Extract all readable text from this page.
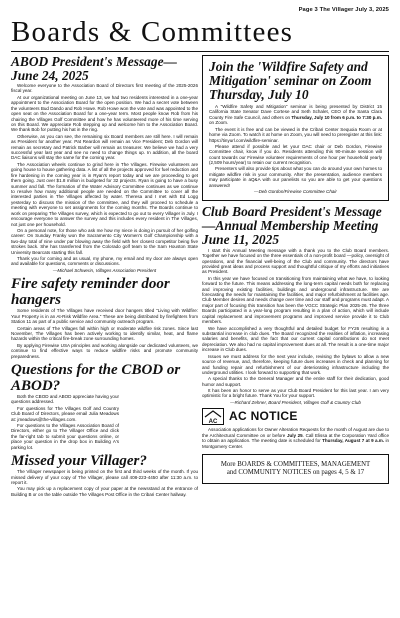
Page 3 The Villager July 3, 2025
Boards & Committees
ABOD President's Message—June 24, 2025

Welcome everyone to the Association Board of Directors first meeting of the 2025-2026 fiscal year.

At our organizational meeting on June 13, we had two residents interested in a one-year appointment to the Association Board for the open position. We had a secret vote between the volunteers Bud Dando and Rob Howe. Rob Howe won the vote and was appointed to the open seat on the Association Board for a one-year term. Most people know Rob from his chairing the Villages Golf Committee and how he has volunteered more of his time serving on this Board. We appreciate Rob stepping up and welcome him to the Association Board. We thank Bob for putting his hat in the ring.

Otherwise, as you can see, the remaining six Board members are still here. I will remain as President for another year. Pat Reardon will remain as Vice President; Deb Gordon will remain as secretary and Patrick Barber will remain as treasurer. We believe we had a very successful year last year and see no need to change things up. In addition, all the board DAC liaisons will stay the same for the coming year.

The Association wheels continue to grind here in The Villages. Firewise volunteers are going house to house gathering data. A list of all the projects approved for fuel reduction and fire hardening in the coming year is in Ryan's report today and we are proceeding to get them going. Just over $1.8 million is budgeted for 32 projects. Ryan is going to have a busy summer and fall. The formation of the Water Advisory Committee continues as we continue to resolve how many additional people are needed on the Committee to cover all the interested parties in The Villages affected by water. Theresa and I met with Ed Logg yesterday to discuss the mission of the committee, and they will proceed to schedule a meeting with everyone to set assignments for the coming months. The Boards continue to work on preparing The Villages survey, which is expected to go out to every Villager in July. I encourage everyone to answer the survey and this includes every resident in The Villages, not just one per household.

On a personal note, for those who ask me how my niece is doing in pursuit of her golfing career: On Sunday Franky won the Sacramento City Women's Golf Championship with a two-day total of nine under par blowing away the field with her closest competitor being five strokes back. She has transferred from the Colorado golf team to the Sam Houston State University Bearcats starting this fall.

Thank you for coming and as usual, my phone, my email and my door are always open and available for questions, comments or discussions.

—Michael Schwerin, Villages Association President
Fire safety reminder door hangers

Some residents of The Villages have received door hangers titled "Living with Wildfire: Your Property is in an At-Risk Wildfire Area." These are being distributed by firefighters from Station 11 as part of a public service and community outreach program.

Certain areas of The Villages fall within high or moderate wildfire risk zones. Since last November, The Villages has been actively working to identify similar, heat, and flame hazards within the critical fire-break zone surrounding homes.

By applying Firewise USA principles and working alongside our dedicated volunteers, we continue to find effective ways to reduce wildfire risks and promote community preparedness.

Questions for the CBOD or ABOD?

Both the CBOD and ABOD appreciate having your questions addressed.

For questions for The Villages Golf and Country Club Board of Directors, please email Julia Meadows at: jmeadows@the-villages.com.

For questions to the Villages Association Board of Directors, either go to The Villager Office and click the far-right tab to submit your questions online, or place your question in the drop box in Building A's parking lot.

Missed your Villager?

The Villager newspaper is being printed on the first and third weeks of the month. If you missed delivery of your copy of The Villager, please call 408-223-4450 after 11:30 a.m. to report it.

You may pick up a replacement copy of your paper at the newsstand at the entrance of Building B or on the table outside The Villages Post Office in the Cribari Center hallway.

Join the 'Wildfire Safety and Mitigation' seminar on Zoom Thursday, July 10

A "Wildfire Safety and Mitigation" seminar is being presented by District 15 California State Senator Dave Cortese and Seth Schalet, CEO of the Santa Clara County Fire Safe Council, and others on Thursday, July 10 from 6 p.m. to 7:30 p.m. on Zoom.

The event it is free and can be viewed in the Cribari Center Sequoia Room or at home via Zoom. To watch it at home on Zoom, you will need to preregister at this link: https://tinyurl.com/wildfire-seminar.

Please attend if possible and let your DAC chair or Deb Gordon, Firewise Committee chair, know if you do. Residents attending this 90-minute session will count towards our Firewise volunteer requirements of one hour per household yearly (2,509 hours/year) to retain our current recognition.

Presenters will also provide tips about what you can do around your own homes to mitigate wildfire risk in your community. After the presentation, audience members may participate in aQ&A with our panelists so you are able to get your questions answered!

—Deb Gordon/Firewise Committee Chair
Club Board President's Message—Annual Membership Meeting June 11, 2025

I start this Annual Meeting message with a thank you to the Club Board members. Together we have focused on the three essentials of a non-profit board —policy, oversight of operations, and the financial well-being of the Club and community. The directors have provided great ideas and process support and thoughtful critique of my efforts and initiatives as President.

In this year we have focused on transitioning from maintaining what we have, to looking forward to the future. This means addressing the long-term capital needs both for replacing and improving existing facilities, buildings and underground infrastructure. We are forecasting the needs for maintaining the facilities, and major refurbishment at facilities age. Club Member desires and needs change over time and our staff and programs must adapt. A major part of focusing this transition has been the VGCC Strategic Plan 2025-26. The three Boards participated in a year-long program resulting in a plan of action, which will include capital replacement and improvement programs and improved service provide it to Club members.

We have accomplished a very thoughtful and detailed budget for FY26 resulting in a substantial increase in club dues. The Board recognized the realities of inflation, increasing salaries and benefits, and the fact that our current capital contributions do not meet depreciation. We also had no capital improvement dues at all. The result is a one-time major increase in Club dues.

Issues we must address for the next year include, revising the bylaws to allow a new source of revenue, and, therefore, keeping future dues increases in check and planning for and funding repair and refurbishment of our deteriorating infrastructure including the underground utilities. I look forward to supporting that work.

A special thanks to the General Manager and the entire staff for their dedication, good humor and support.

It has been an honor to serve as your Club Board President for this last year. I am very optimistic for a bright future. Thank You for your support.

—Richard Zehner, Board President, Villages Golf & Country Club
AC AC NOTICE

Association applications for Owner Alteration Requests for the month of August are due to the Architectural Committee on or before July 25. Call Elissa at the Corporation Yard office to obtain an application. The meeting date is scheduled for Thursday, August 7 at 9 a.m. in Montgomery Center.

More BOARDS & COMMITTEES, MANAGEMENT
and COMMUNITY NOTICES on pages 4, 5 & 17
